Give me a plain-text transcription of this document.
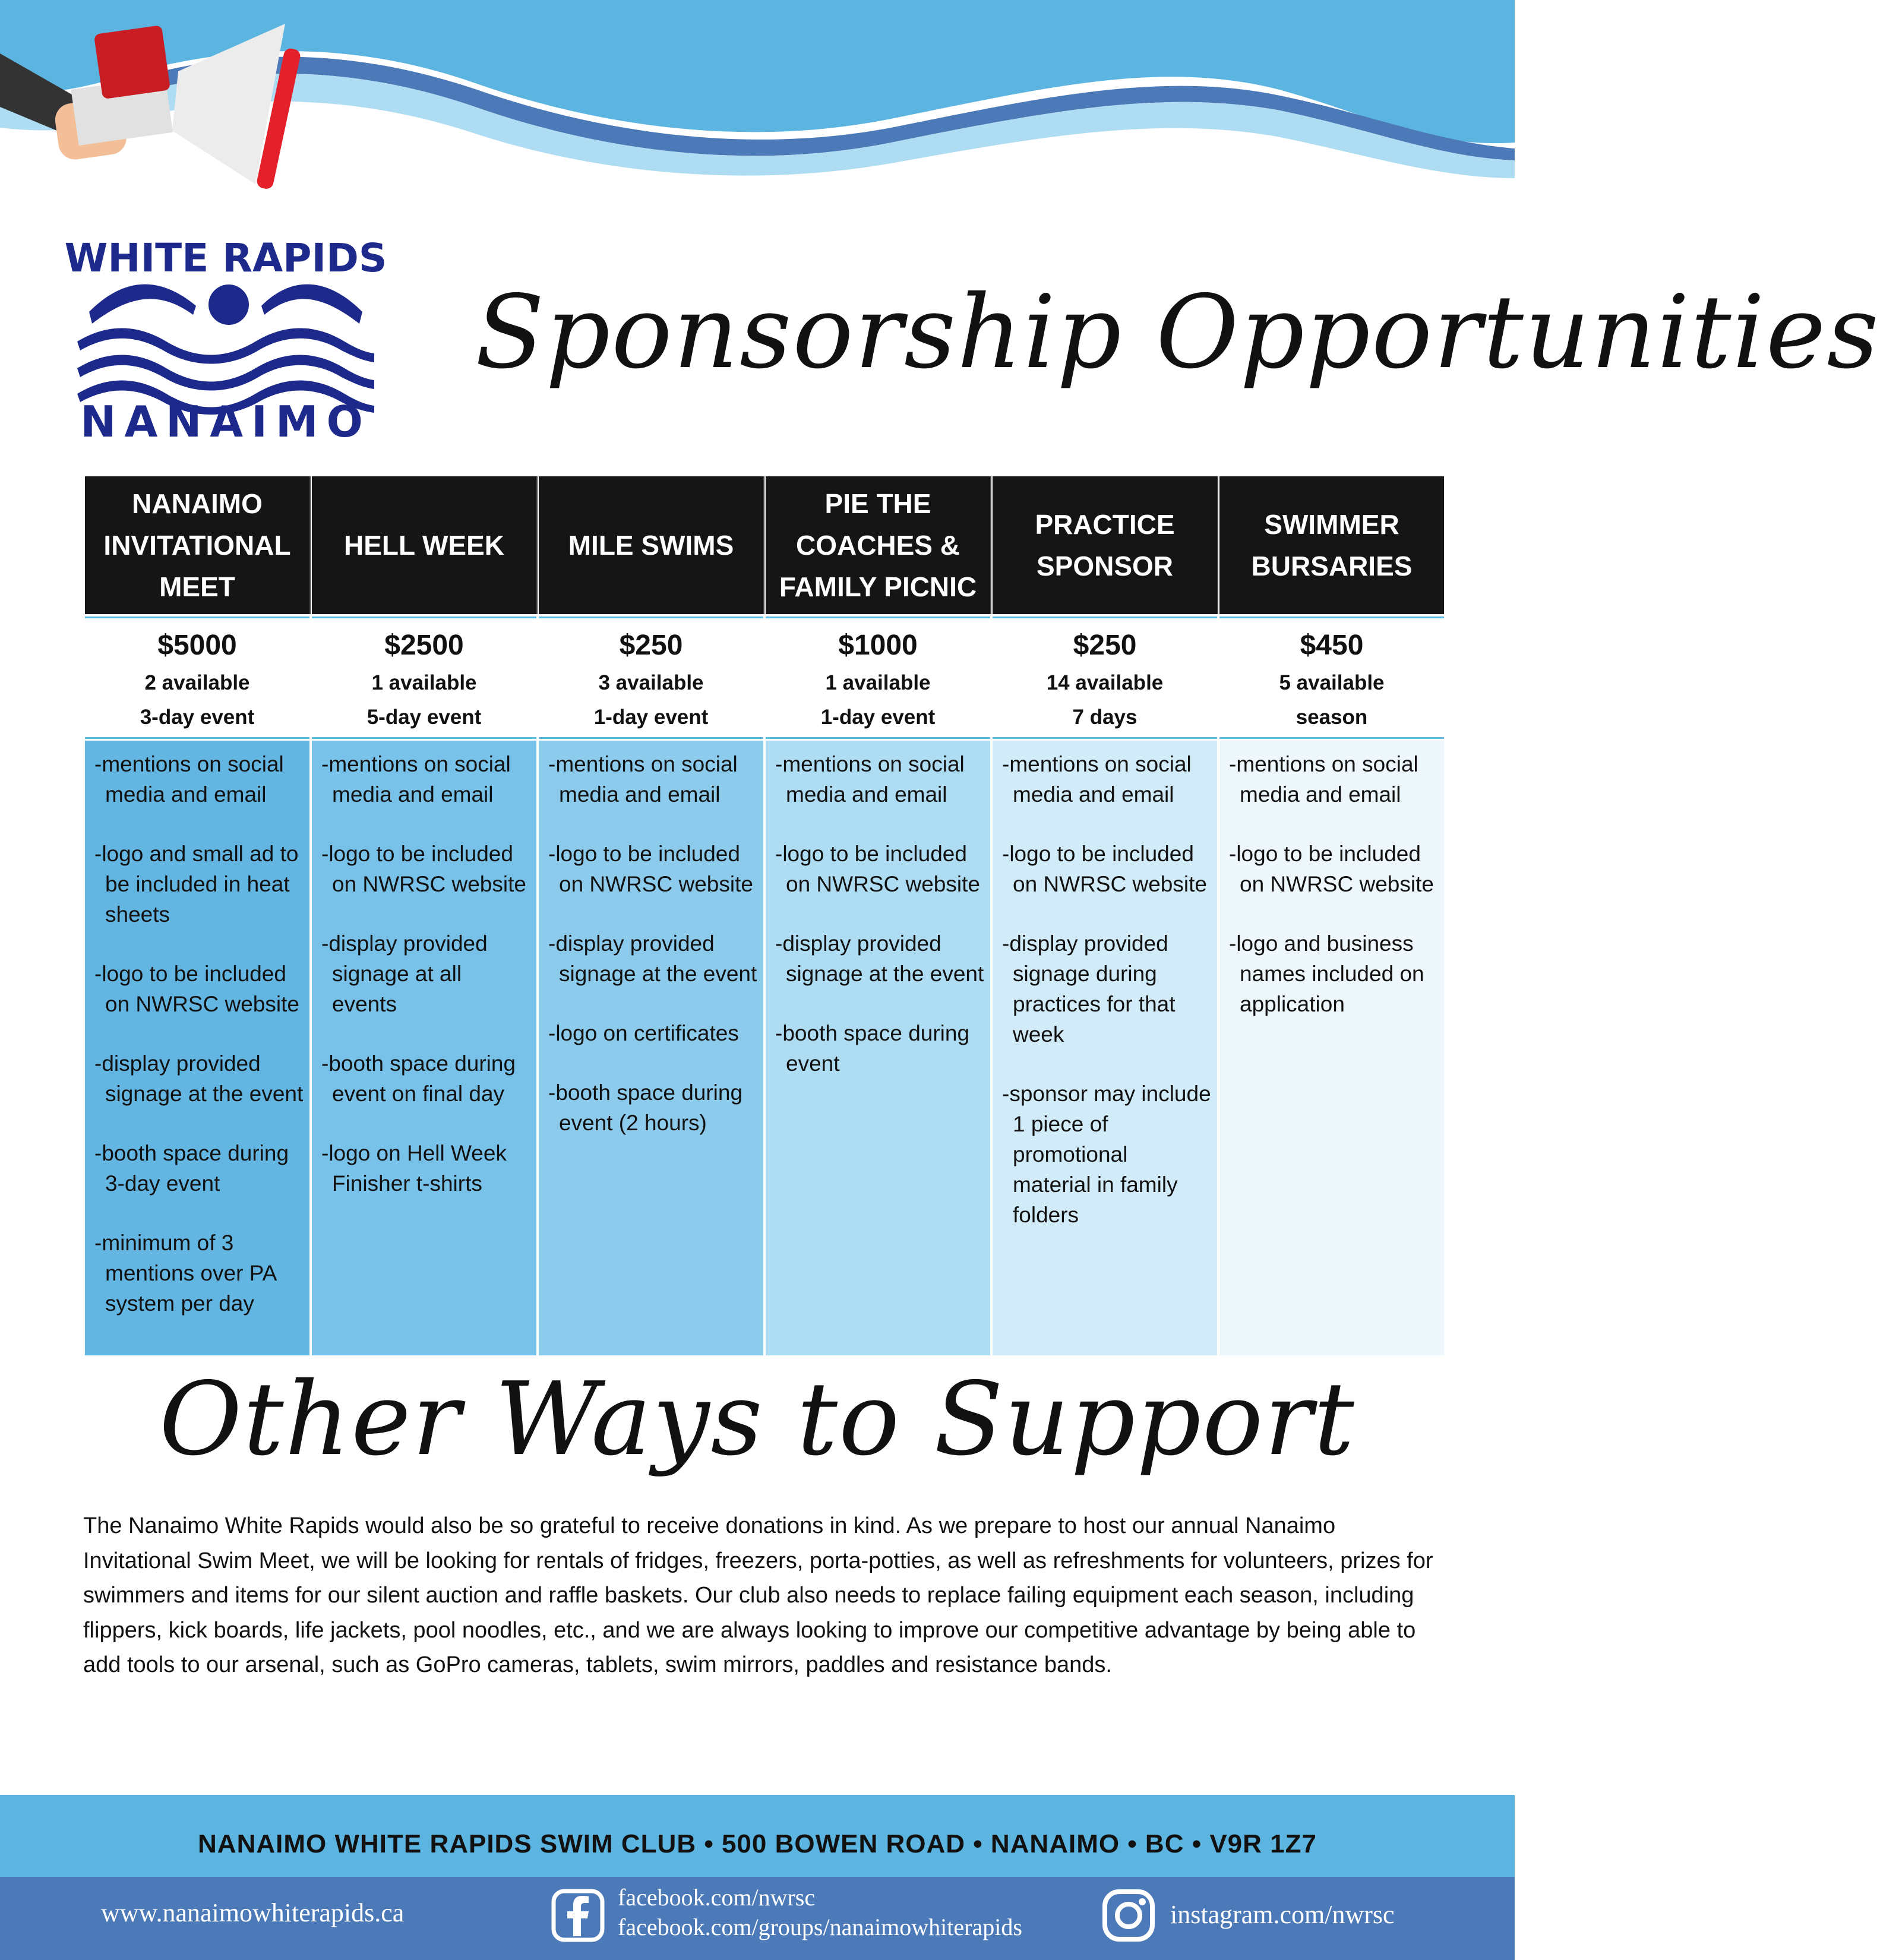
WHITE RAPIDS
NANAIMO
Sponsorship Opportunities
NANAIMO
INVITATIONAL
MEET
$5000
2 available
3-day event
-mentions on social media and email
-logo and small ad to be included in heat sheets
-logo to be included on NWRSC website
-display provided signage at the event
-booth space during 3-day event
-minimum of 3 mentions over PA system per day
HELL WEEK
$2500
1 available
5-day event
-mentions on social media and email
-logo to be included on NWRSC website
-display provided signage at all events
-booth space during event on final day
-logo on Hell Week Finisher t-shirts
MILE SWIMS
$250
3 available
1-day event
-mentions on social media and email
-logo to be included on NWRSC website
-display provided signage at the event
-logo on certificates
-booth space during event (2 hours)
PIE THE
COACHES &
FAMILY PICNIC
$1000
1 available
1-day event
-mentions on social media and email
-logo to be included on NWRSC website
-display provided signage at the event
-booth space during event
PRACTICE
SPONSOR
$250
14 available
7 days
-mentions on social media and email
-logo to be included on NWRSC website
-display provided signage during practices for that week
-sponsor may include 1 piece of promotional material in family folders
SWIMMER
BURSARIES
$450
5 available
season
-mentions on social media and email
-logo to be included on NWRSC website
-logo and business names included on application
Other Ways to Support
The Nanaimo White Rapids would also be so grateful to receive donations in kind. As we prepare to host our annual Nanaimo Invitational Swim Meet, we will be looking for rentals of fridges, freezers, porta-potties, as well as refreshments for volunteers, prizes for swimmers and items for our silent auction and raffle baskets. Our club also needs to replace failing equipment each season, including flippers, kick boards, life jackets, pool noodles, etc., and we are always looking to improve our competitive advantage by being able to add tools to our arsenal, such as GoPro cameras, tablets, swim mirrors, paddles and resistance bands.
NANAIMO WHITE RAPIDS SWIM CLUB • 500 BOWEN ROAD • NANAIMO • BC • V9R 1Z7
www.nanaimowhiterapids.ca
facebook.com/nwrsc
facebook.com/groups/nanaimowhiterapids	instagram.com/nwrsc
